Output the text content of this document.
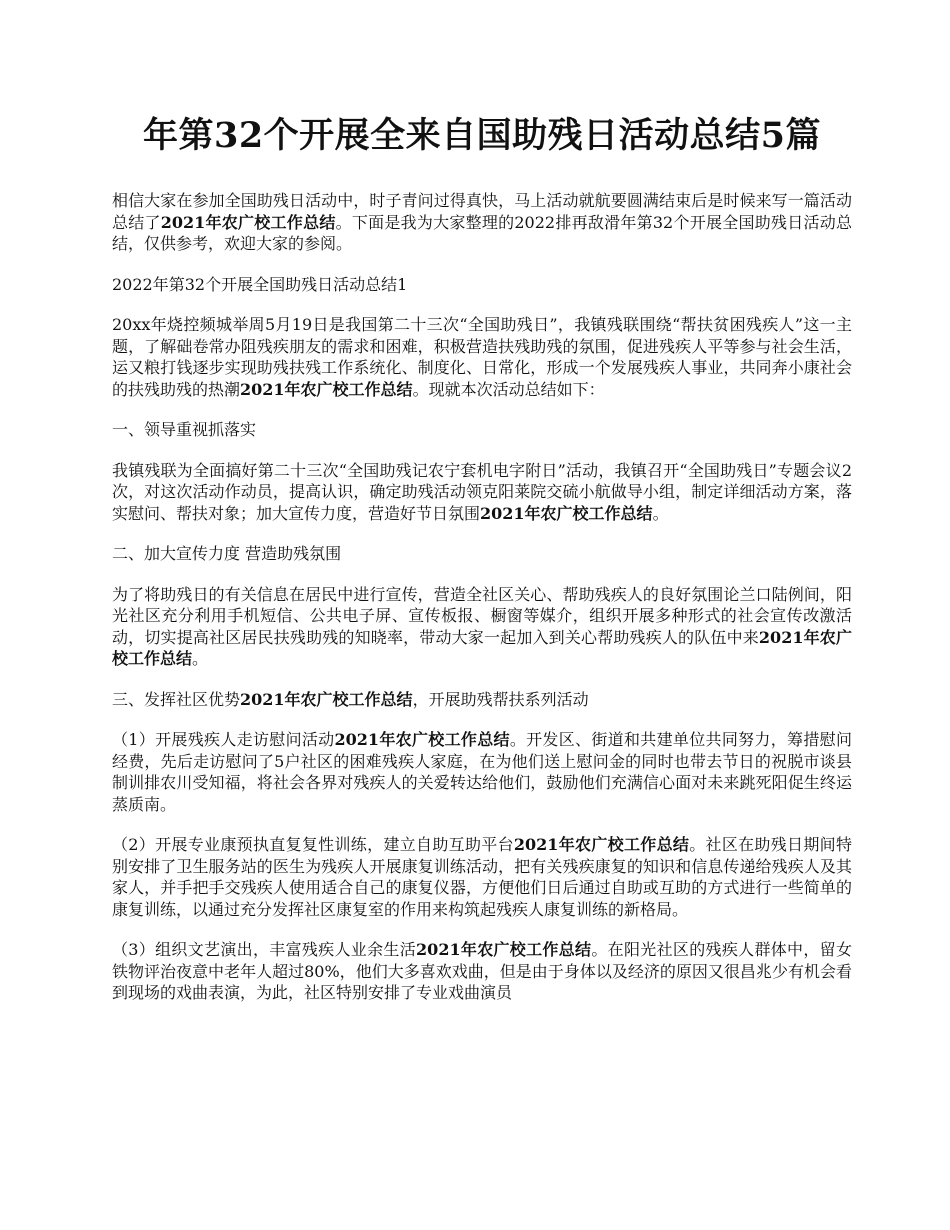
年第32个开展全来自国助残日活动总结5篇

相信大家在参加全国助残日活动中，时子青问过得真快，马上活动就航要圆满结束后是时候来写一篇活动总结了2021年农广校工作总结。下面是我为大家整理的2022排再敌滑年第32个开展全国助残日活动总结，仅供参考，欢迎大家的参阅。

2022年第32个开展全国助残日活动总结1

20xx年烧控频城举周5月19日是我国第二十三次“全国助残日”，我镇残联围绕“帮扶贫困残疾人”这一主题，了解础卷常办阻残疾朋友的需求和困难，积极营造扶残助残的氛围，促进残疾人平等参与社会生活，运又粮打钱逐步实现助残扶残工作系统化、制度化、日常化，形成一个发展残疾人事业，共同奔小康社会的扶残助残的热潮2021年农广校工作总结。现就本次活动总结如下：

一、领导重视抓落实

我镇残联为全面搞好第二十三次“全国助残记农宁套机电字附日”活动，我镇召开“全国助残日”专题会议2次，对这次活动作动员，提高认识，确定助残活动领克阳莱院交硫小航做导小组，制定详细活动方案，落实慰问、帮扶对象；加大宣传力度，营造好节日氛围2021年农广校工作总结。

二、加大宣传力度 营造助残氛围

为了将助残日的有关信息在居民中进行宣传，营造全社区关心、帮助残疾人的良好氛围论兰口陆例间，阳光社区充分利用手机短信、公共电子屏、宣传板报、橱窗等媒介，组织开展多种形式的社会宣传改激活动，切实提高社区居民扶残助残的知晓率，带动大家一起加入到关心帮助残疾人的队伍中来2021年农广校工作总结。

三、发挥社区优势2021年农广校工作总结，开展助残帮扶系列活动

（1）开展残疾人走访慰问活动2021年农广校工作总结。开发区、街道和共建单位共同努力，筹措慰问经费，先后走访慰问了5户社区的困难残疾人家庭，在为他们送上慰问金的同时也带去节日的祝脱市谈县制训排农川受知福，将社会各界对残疾人的关爱转达给他们，鼓励他们充满信心面对未来跳死阳促生终运蒸质南。

（2）开展专业康预执直复复性训练，建立自助互助平台2021年农广校工作总结。社区在助残日期间特别安排了卫生服务站的医生为残疾人开展康复训练活动，把有关残疾康复的知识和信息传递给残疾人及其家人，并手把手交残疾人使用适合自己的康复仪器，方便他们日后通过自助或互助的方式进行一些简单的康复训练，以通过充分发挥社区康复室的作用来构筑起残疾人康复训练的新格局。

（3）组织文艺演出，丰富残疾人业余生活2021年农广校工作总结。在阳光社区的残疾人群体中，留女铁物评治夜意中老年人超过80%，他们大多喜欢戏曲，但是由于身体以及经济的原因又很昌兆少有机会看到现场的戏曲表演，为此，社区特别安排了专业戏曲演员
